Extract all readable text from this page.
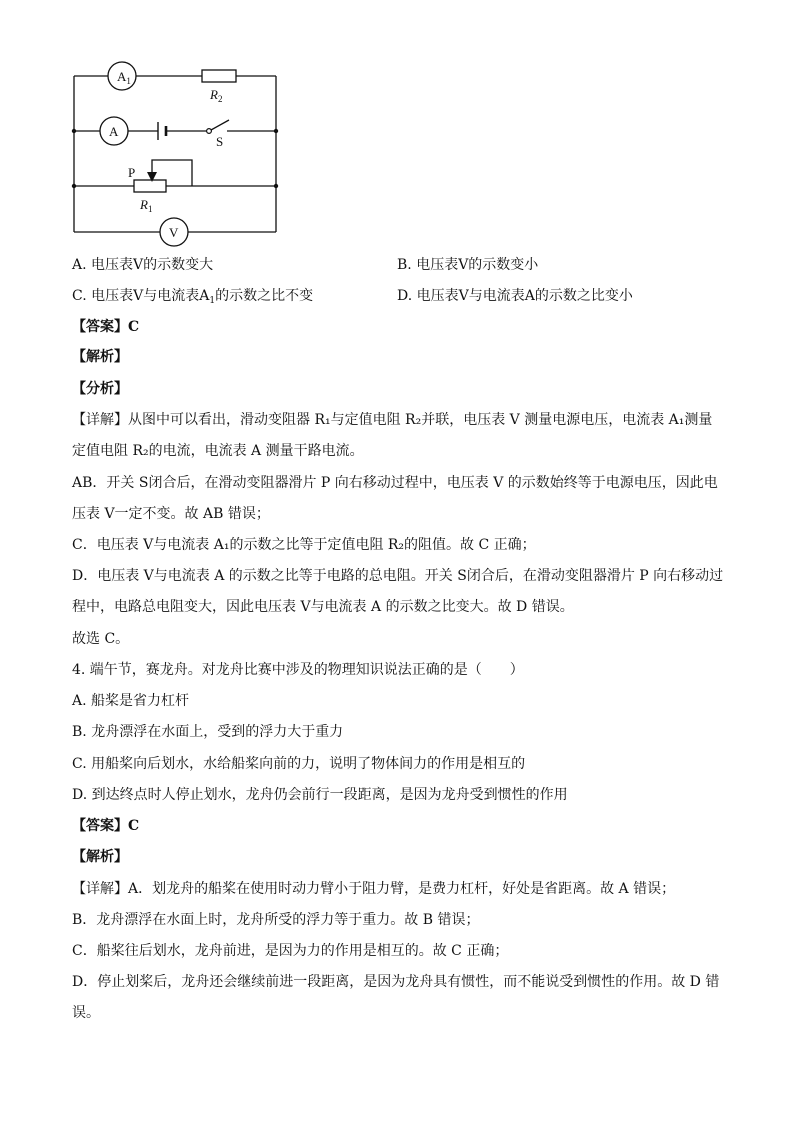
$A_1$
A
V
$R_2$
S
P
$R_1$
A. 电压表V的示数变大	B. 电压表V的示数变小
C. 电压表V与电流表$A_1$的示数之比不变	D. 电压表V与电流表A的示数之比变小
【答案】C
【解析】
【分析】
【详解】从图中可以看出，滑动变阻器 R₁与定值电阻 R₂并联，电压表 V 测量电源电压，电流表 A₁测量
定值电阻 R₂的电流，电流表 A 测量干路电流。
AB．开关 S闭合后，在滑动变阻器滑片 P 向右移动过程中，电压表 V 的示数始终等于电源电压，因此电
压表 V一定不变。故 AB 错误；
C．电压表 V与电流表 A₁的示数之比等于定值电阻 R₂的阻值。故 C 正确；
D．电压表 V与电流表 A 的示数之比等于电路的总电阻。开关 S闭合后，在滑动变阻器滑片 P 向右移动过
程中，电路总电阻变大，因此电压表 V与电流表 A 的示数之比变大。故 D 错误。
故选 C。
4. 端午节，赛龙舟。对龙舟比赛中涉及的物理知识说法正确的是（　　）
A. 船桨是省力杠杆
B. 龙舟漂浮在水面上，受到的浮力大于重力
C. 用船桨向后划水，水给船桨向前的力，说明了物体间力的作用是相互的
D. 到达终点时人停止划水，龙舟仍会前行一段距离，是因为龙舟受到惯性的作用
【答案】C
【解析】
【详解】A．划龙舟的船桨在使用时动力臂小于阻力臂，是费力杠杆，好处是省距离。故 A 错误；
B．龙舟漂浮在水面上时，龙舟所受的浮力等于重力。故 B 错误；
C．船桨往后划水，龙舟前进，是因为力的作用是相互的。故 C 正确；
D．停止划桨后，龙舟还会继续前进一段距离，是因为龙舟具有惯性，而不能说受到惯性的作用。故 D 错
误。
